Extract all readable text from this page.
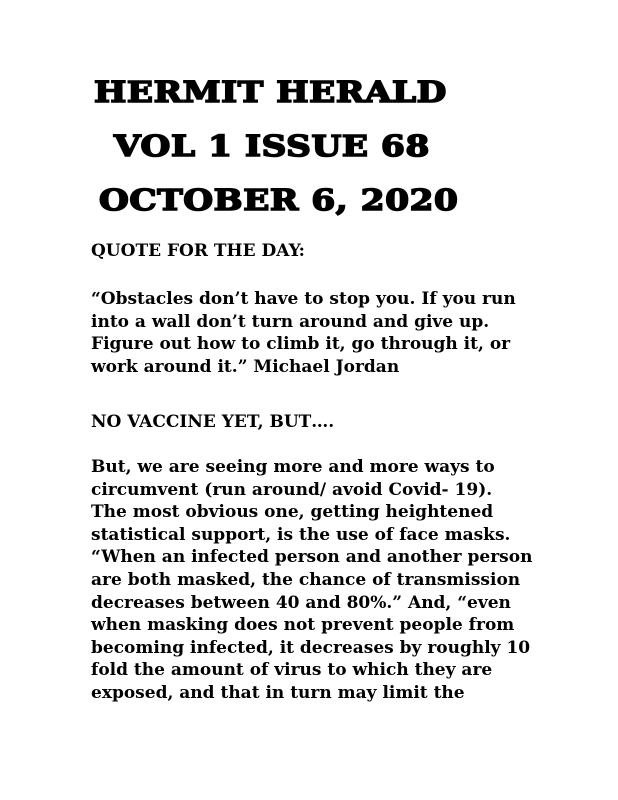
HERMIT HERALD
VOL 1 ISSUE 68
OCTOBER 6, 2020
QUOTE FOR THE DAY:
“Obstacles don’t have to stop you. If you run
into a wall don’t turn around and give up.
Figure out how to climb it, go through it, or
work around it.” Michael Jordan
NO VACCINE YET, BUT….
But, we are seeing more and more ways to
circumvent (run around/ avoid Covid- 19).
The most obvious one, getting heightened
statistical support, is the use of face masks.
“When an infected person and another person
are both masked, the chance of transmission
decreases between 40 and 80%.” And, “even
when masking does not prevent people from
becoming infected, it decreases by roughly 10
fold the amount of virus to which they are
exposed, and that in turn may limit the
